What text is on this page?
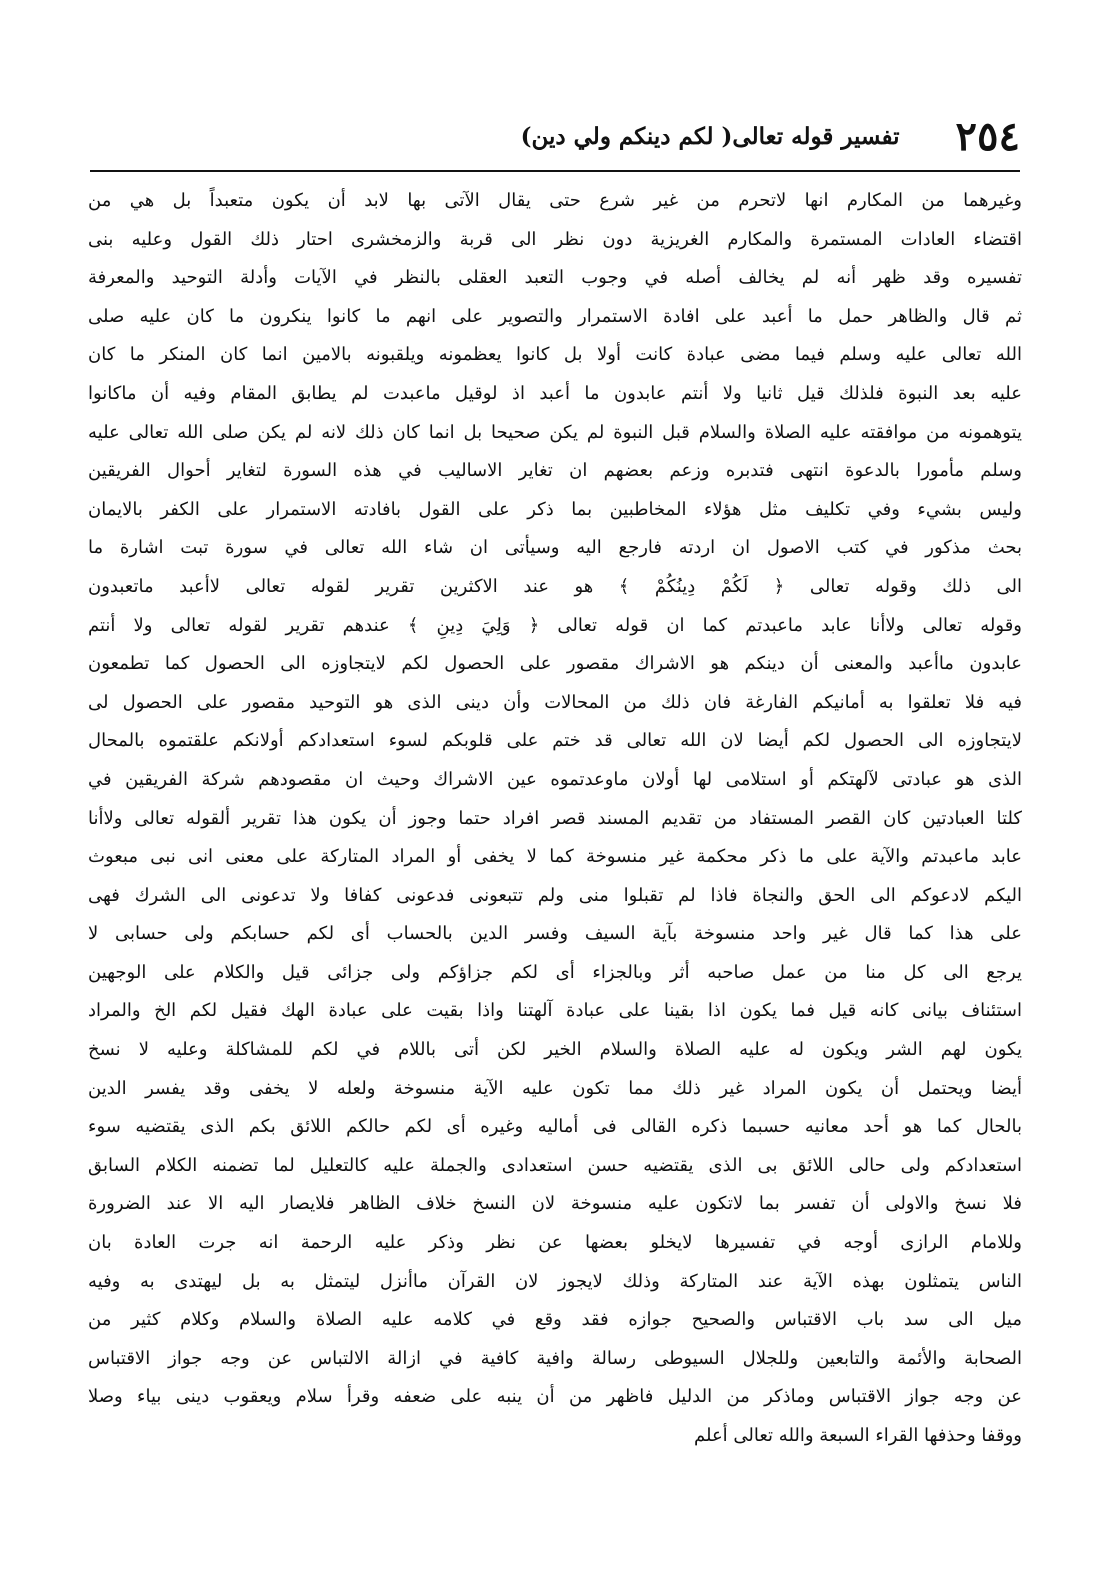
٢٥٤
تفسير قوله تعالى( لكم دينكم ولي دين)
وغيرهما من المكارم انها لاتحرم من غير شرع حتى يقال الآتى بها لابد أن يكون متعبداً بل هي من
اقتضاء العادات المستمرة والمكارم الغريزية دون نظر الى قربة والزمخشرى احتار ذلك القول وعليه بنى
تفسيره وقد ظهر أنه لم يخالف أصله في وجوب التعبد العقلى بالنظر في الآيات وأدلة التوحيد والمعرفة
ثم قال والظاهر حمل ما أعبد على افادة الاستمرار والتصوير على انهم ما كانوا ينكرون ما كان عليه صلى
الله تعالى عليه وسلم فيما مضى عبادة كانت أولا بل كانوا يعظمونه ويلقبونه بالامين انما كان المنكر ما كان
عليه بعد النبوة فلذلك قيل ثانيا ولا أنتم عابدون ما أعبد اذ لوقيل ماعبدت لم يطابق المقام وفيه أن ماكانوا
يتوهمونه من موافقته عليه الصلاة والسلام قبل النبوة لم يكن صحيحا بل انما كان ذلك لانه لم يكن صلى الله تعالى عليه
وسلم مأمورا بالدعوة انتهى فتدبره وزعم بعضهم ان تغاير الاساليب في هذه السورة لتغاير أحوال الفريقين
وليس بشيء وفي تكليف مثل هؤلاء المخاطبين بما ذكر على القول بافادته الاستمرار على الكفر بالايمان
بحث مذكور في كتب الاصول ان اردته فارجع اليه وسيأتى ان شاء الله تعالى في سورة تبت اشارة ما
الى ذلك وقوله تعالى ﴿ لَكُمْ دِينُكُمْ ﴾ هو عند الاكثرين تقرير لقوله تعالى لاأعبد ماتعبدون
وقوله تعالى ولاأنا عابد ماعبدتم كما ان قوله تعالى ﴿ وَلِيَ دِينِ ﴾ عندهم تقرير لقوله تعالى ولا أنتم
عابدون ماأعبد والمعنى أن دينكم هو الاشراك مقصور على الحصول لكم لايتجاوزه الى الحصول كما تطمعون
فيه فلا تعلقوا به أمانيكم الفارغة فان ذلك من المحالات وأن دينى الذى هو التوحيد مقصور على الحصول لى
لايتجاوزه الى الحصول لكم أيضا لان الله تعالى قد ختم على قلوبكم لسوء استعدادكم أولانكم علقتموه بالمحال
الذى هو عبادتى لآلهتكم أو استلامى لها أولان ماوعدتموه عين الاشراك وحيث ان مقصودهم شركة الفريقين في
كلتا العبادتين كان القصر المستفاد من تقديم المسند قصر افراد حتما وجوز أن يكون هذا تقرير ألقوله تعالى ولاأنا
عابد ماعبدتم والآية على ما ذكر محكمة غير منسوخة كما لا يخفى أو المراد المتاركة على معنى انى نبى مبعوث
اليكم لادعوكم الى الحق والنجاة فاذا لم تقبلوا منى ولم تتبعونى فدعونى كفافا ولا تدعونى الى الشرك فهى
على هذا كما قال غير واحد منسوخة بآية السيف وفسر الدين بالحساب أى لكم حسابكم ولى حسابى لا
يرجع الى كل منا من عمل صاحبه أثر وبالجزاء أى لكم جزاؤكم ولى جزائى قيل والكلام على الوجهين
استئناف بيانى كانه قيل فما يكون اذا بقينا على عبادة آلهتنا واذا بقيت على عبادة الهك فقيل لكم الخ والمراد
يكون لهم الشر ويكون له عليه الصلاة والسلام الخير لكن أتى باللام في لكم للمشاكلة وعليه لا نسخ
أيضا ويحتمل أن يكون المراد غير ذلك مما تكون عليه الآية منسوخة ولعله لا يخفى وقد يفسر الدين
بالحال كما هو أحد معانيه حسبما ذكره القالى فى أماليه وغيره أى لكم حالكم اللائق بكم الذى يقتضيه سوء
استعدادكم ولى حالى اللائق بى الذى يقتضيه حسن استعدادى والجملة عليه كالتعليل لما تضمنه الكلام السابق
فلا نسخ والاولى أن تفسر بما لاتكون عليه منسوخة لان النسخ خلاف الظاهر فلايصار اليه الا عند الضرورة
وللامام الرازى أوجه في تفسيرها لايخلو بعضها عن نظر وذكر عليه الرحمة انه جرت العادة بان
الناس يتمثلون بهذه الآية عند المتاركة وذلك لايجوز لان القرآن ماأنزل ليتمثل به بل ليهتدى به وفيه
ميل الى سد باب الاقتباس والصحيح جوازه فقد وقع في كلامه عليه الصلاة والسلام وكلام كثير من
الصحابة والأئمة والتابعين وللجلال السيوطى رسالة وافية كافية في ازالة الالتباس عن وجه جواز الاقتباس
عن وجه جواز الاقتباس وماذكر من الدليل فاظهر من أن ينبه على ضعفه وقرأ سلام ويعقوب دينى بياء وصلا
ووقفا وحذفها القراء السبعة والله تعالى أعلم
